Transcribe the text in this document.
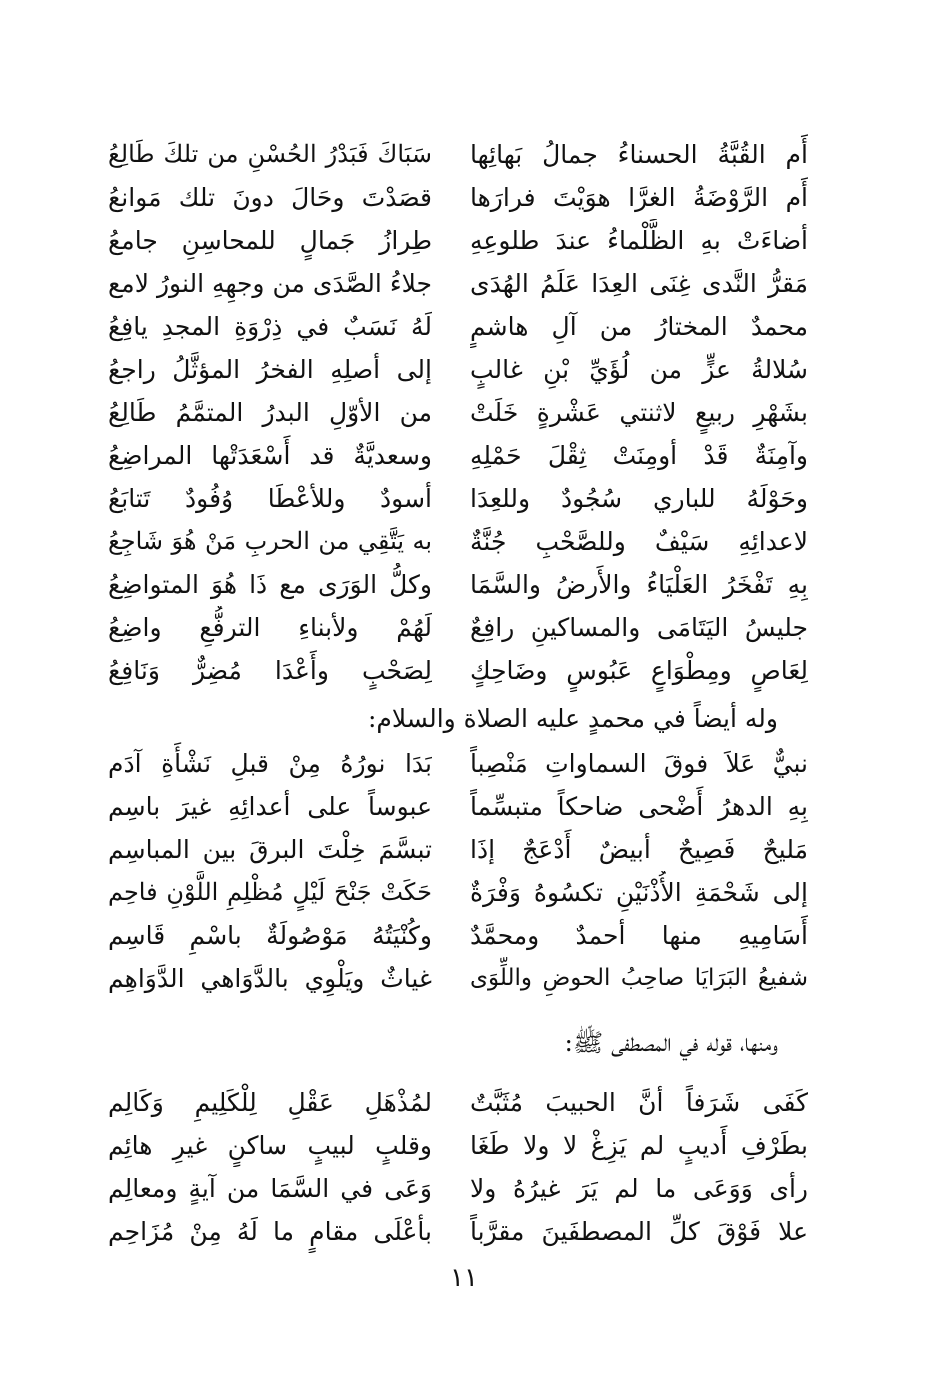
أَم القُبَّةُ الحسناءُ جمالُ بَهائِها
سَبَاكَ فَبَدْرُ الحُسْنِ من تلكَ طَالِعُ
أَم الرَّوْضَةُ الغرَّا هوَيْتَ فرارَها
قصَدْتَ وحَالَ دونَ تلك مَوانعُ
أضاءَتْ بهِ الظَّلْماءُ عندَ طلوعِهِ
طِرازُ جَمالٍ للمحاسِنِ جامعُ
مَقرُّ النَّدى غِنَى العِدَا عَلَمُ الهُدَى
جلاءُ الصَّدَى من وجهِهِ النورُ لامع
محمدٌ المختارُ من آلِ هاشمٍ
لَهُ نَسَبٌ في ذِرْوَةِ المجدِ يافِعُ
سُلالةُ عزٍّ من لُؤَيِّ بْنِ غالبٍ
إلى أصلِهِ الفخرُ المؤثَّلُ راجعُ
بشَهْرِ ربيعٍ لاثنتي عَشْرةٍ خَلَتْ
من الأوّلِ البدرُ المتمَّمُ طَالِعُ
وآمِنَةٌ قَدْ أومِنَتْ ثِقْلَ حَمْلِهِ
وسعديَّةٌ قد أَسْعَدَتْها المراضِعُ
وحَوْلَهُ للباري سُجُودٌ وللعِدَا
أسودٌ وللأعْطَا وُفُودٌ تَتابَعُ
لاعدائِهِ سَيْفٌ وللصَّحْبِ جُنَّةٌ
به يَتَّقِي من الحربِ مَنْ هُوَ شَاجِعُ
بِهِ تَفْخَرُ العَلْيَاءُ والأَرضُ والسَّمَا
وكلُّ الوَرَى مع ذَا هُوَ المتواضِعُ
جليسُ اليَتَامَى والمساكينِ رافِعٌ
لَهُمْ ولأبناءِ الترفُّعِ واضِعُ
لِعَاصٍ ومِطْوَاعٍ عَبُوسٍ وضَاحِكٍ
لِصَحْبٍ وأَعْدَا مُضِرٌّ وَنَافِعُ
وله أيضاً في محمدٍ عليه الصلاة والسلام:
نبيٌّ عَلاَ فوقَ السماواتِ مَنْصِباً
بَدَا نورُهُ مِنْ قبلِ نَشْأَةِ آدَم
بِهِ الدهرُ أَضْحى ضاحكاً متبسِّماً
عبوساً على أعدائِهِ غيرَ باسِم
مَليحٌ فَصِيحٌ أبيضٌ أَدْعَجٌ إذَا
تبسَّمَ خِلْتَ البرقَ بين المباسِم
إلى شَحْمَةِ الأُذْنَيْنِ تكسُوهُ وَفْرَةٌ
حَكَتْ جَنْحَ لَيْلٍ مُظْلِمِ اللَّوْنِ فاحِم
أَسَامِيهِ منها أحمدٌ ومحمَّدٌ
وكُنْيَتُهُ مَوْصُولَةٌ باسْمِ قَاسِم
شفيعُ البَرَايَا صاحِبُ الحوضِ واللِّوَى
غياثٌ ويَلْوِي بالدَّوَاهي الدَّوَاهِم
ومنها، قوله في المصطفى ﷺ:
كَفَى شَرَفاً أنَّ الحبيبَ مُثَبَّتٌ
لمُذْهَلِ عَقْلِ لِلْكَلِيمِ وَكَالِم
بطَرْفِ أَديبٍ لم يَزِغْ لا ولا طَغَا
وقلبٍ لبيبٍ ساكنٍ غيرِ هائِم
رأى وَوَعَى ما لم يَرَ غيرُهُ ولا
وَعَى في السَّمَا من آيةٍ ومعالِم
علا فَوْقَ كلِّ المصطفَينَ مقرَّباً
بأعْلَى مقامٍ ما لَهُ مِنْ مُزَاحِم
١١
